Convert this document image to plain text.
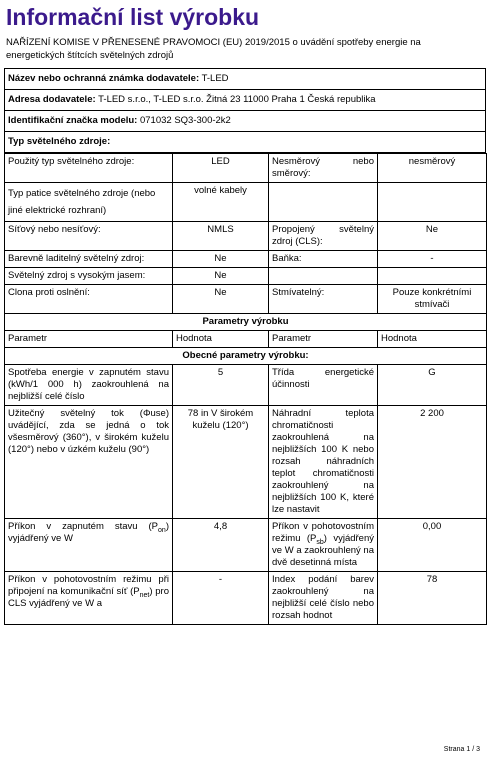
Informační list výrobku
NAŘÍZENÍ KOMISE V PŘENESENÉ PRAVOMOCI (EU) 2019/2015 o uvádění spotřeby energie na energetických štítcích světelných zdrojů
Název nebo ochranná známka dodavatele: T-LED
Adresa dodavatele: T-LED s.r.o., T-LED s.r.o. Žitná 23 11000 Praha 1 Česká republika
Identifikační značka modelu: 071032 SQ3-300-2k2
Typ světelného zdroje:
Použitý typ světelného zdroje:	LED	Nesměrový nebo směrový:	nesměrový
Typ patice světelného zdroje (nebo jiné elektrické rozhraní)	volné kabely		
Síťový nebo nesíťový:	NMLS	Propojený světelný zdroj (CLS):	Ne
Barevně laditelný světelný zdroj:	Ne	Baňka:	-
Světelný zdroj s vysokým jasem:	Ne		
Clona proti oslnění:	Ne	Stmívatelný:	Pouze konkrétními stmívači
Parametry výrobku			
Parametr	Hodnota	Parametr	Hodnota
Obecné parametry výrobku:			
Spotřeba energie v zapnutém stavu (kWh/1 000 h) zaokrouhlená na nejbližší celé číslo	5	Třída energetické účinnosti	G
Užitečný světelný tok (Φuse) uvádějící, zda se jedná o tok všesměrový (360°), v širokém kuželu (120°) nebo v úzkém kuželu (90°)	78 in V širokém kuželu (120°)	Náhradní teplota chromatičnosti zaokrouhlená na nejbližších 100 K nebo rozsah náhradních teplot chromatičnosti zaokrouhlený na nejbližších 100 K, které lze nastavit	2 200
Příkon v zapnutém stavu $(P_{on})$ vyjádřený ve W	4,8	Příkon v pohotovostním režimu $(P_{sb})$ vyjádřený ve W a zaokrouhlený na dvě desetinná místa	0,00
Příkon v pohotovostním režimu při připojení na komunikační síť $(P_{net})$ pro CLS vyjádřený ve W a	-	Index podání barev zaokrouhlený na nejbližší celé číslo nebo rozsah hodnot	78
Strana 1 / 3
